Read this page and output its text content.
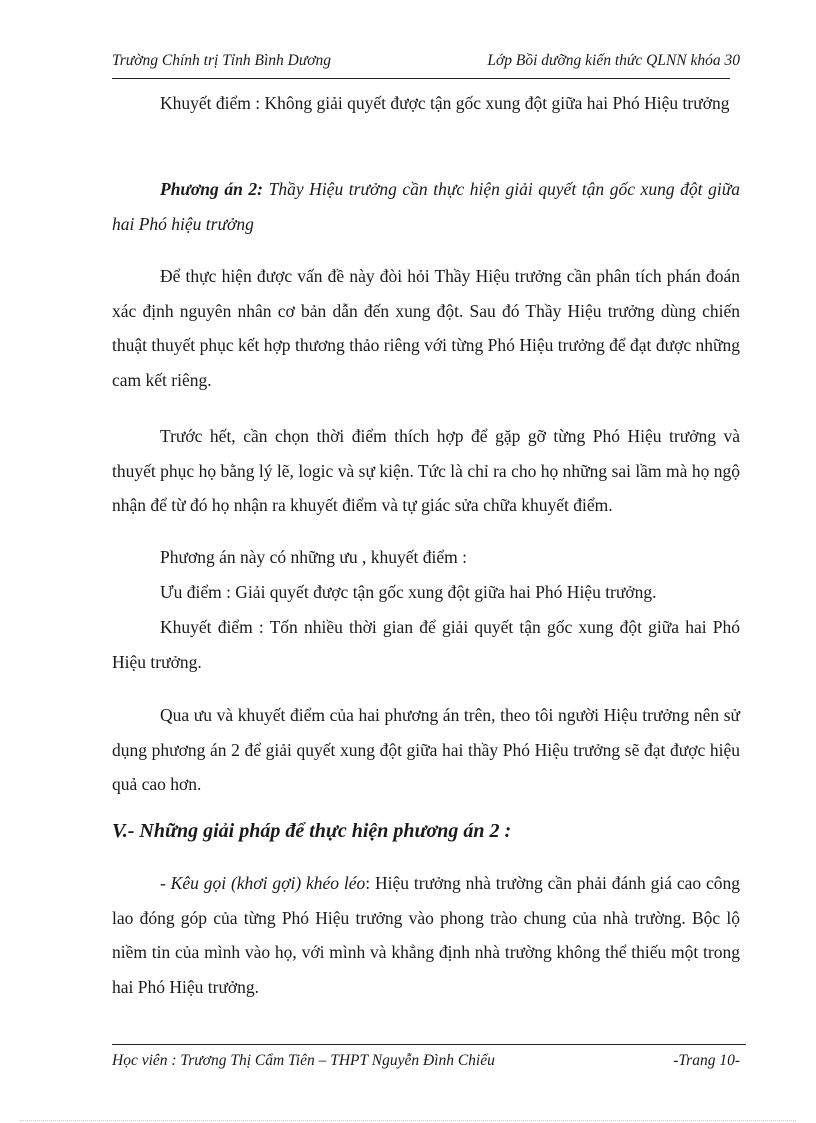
Trường Chính trị Tỉnh Bình Dương	Lớp Bồi dưỡng kiến thức QLNN khóa 30

Khuyết điểm : Không giải quyết được tận gốc xung đột giữa hai Phó Hiệu trưởng

Phương án 2: Thầy Hiệu trưởng cần thực hiện giải quyết tận gốc xung đột giữa hai Phó hiệu trưởng

Để thực hiện được vấn đề này đòi hỏi Thầy Hiệu trưởng cần phân tích phán đoán xác định nguyên nhân cơ bản dẫn đến xung đột. Sau đó Thầy Hiệu trưởng dùng chiến thuật thuyết phục kết hợp thương thảo riêng với từng Phó Hiệu trưởng để đạt được những cam kết riêng.

Trước hết, cần chọn thời điểm thích hợp để gặp gỡ từng Phó Hiệu trưởng và thuyết phục họ bằng lý lẽ, logic và sự kiện. Tức là chỉ ra cho họ những sai lầm mà họ ngộ nhận để từ đó họ nhận ra khuyết điểm và tự giác sửa chữa khuyết điểm.

Phương án này có những ưu , khuyết điểm :

Ưu điểm : Giải quyết được tận gốc xung đột giữa hai Phó Hiệu trưởng.

Khuyết điểm : Tốn nhiều thời gian để giải quyết tận gốc xung đột giữa hai Phó Hiệu trưởng.

Qua ưu và khuyết điểm của hai phương án trên, theo tôi người Hiệu trưởng nên sử dụng phương án 2 để giải quyết xung đột giữa hai thầy Phó Hiệu trưởng sẽ đạt được hiệu quả cao hơn.

V.- Những giải pháp để thực hiện phương án 2 :

- Kêu gọi (khơi gợi) khéo léo: Hiệu trưởng nhà trường cần phải đánh giá cao công lao đóng góp của từng Phó Hiệu trưởng vào phong trào chung của nhà trường. Bộc lộ niềm tin của mình vào họ, với mình và khẳng định nhà trường không thể thiếu một trong hai Phó Hiệu trưởng.

Học viên : Trương Thị Cẩm Tiên – THPT Nguyễn Đình Chiểu	-Trang 10-
